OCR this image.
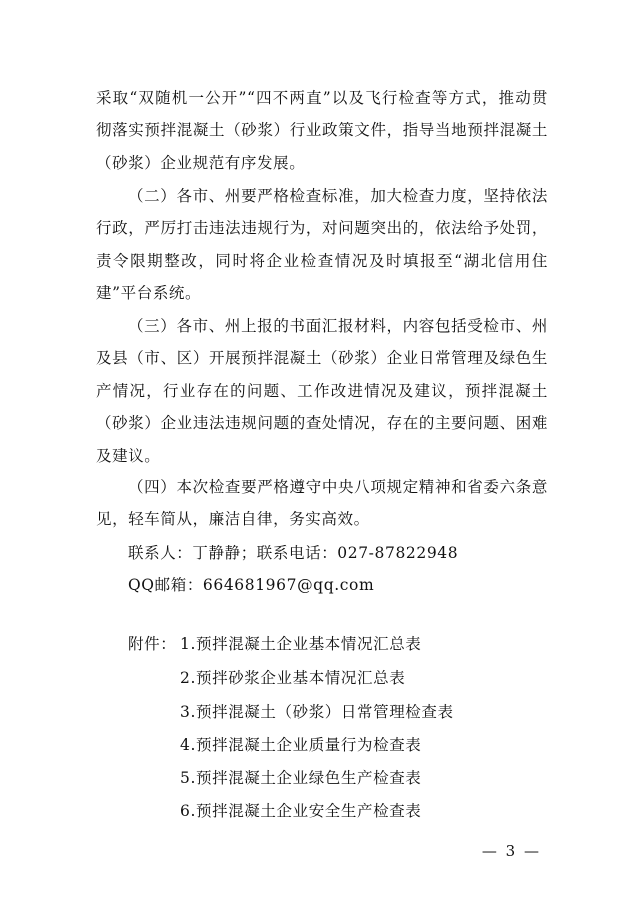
采取“双随机一公开”“四不两直”以及飞行检查等方式，推动贯彻落实预拌混凝土（砂浆）行业政策文件，指导当地预拌混凝土（砂浆）企业规范有序发展。

（二）各市、州要严格检查标准，加大检查力度，坚持依法行政，严厉打击违法违规行为，对问题突出的，依法给予处罚，责令限期整改，同时将企业检查情况及时填报至“湖北信用住建”平台系统。

（三）各市、州上报的书面汇报材料，内容包括受检市、州及县（市、区）开展预拌混凝土（砂浆）企业日常管理及绿色生产情况，行业存在的问题、工作改进情况及建议，预拌混凝土（砂浆）企业违法违规问题的查处情况，存在的主要问题、困难及建议。

（四）本次检查要严格遵守中央八项规定精神和省委六条意见，轻车简从，廉洁自律，务实高效。

联系人：丁静静；联系电话：027-87822948

QQ邮箱：664681967@qq.com

附件： 1.预拌混凝土企业基本情况汇总表

2.预拌砂浆企业基本情况汇总表

3.预拌混凝土（砂浆）日常管理检查表

4.预拌混凝土企业质量行为检查表

5.预拌混凝土企业绿色生产检查表

6.预拌混凝土企业安全生产检查表

— 3 —
